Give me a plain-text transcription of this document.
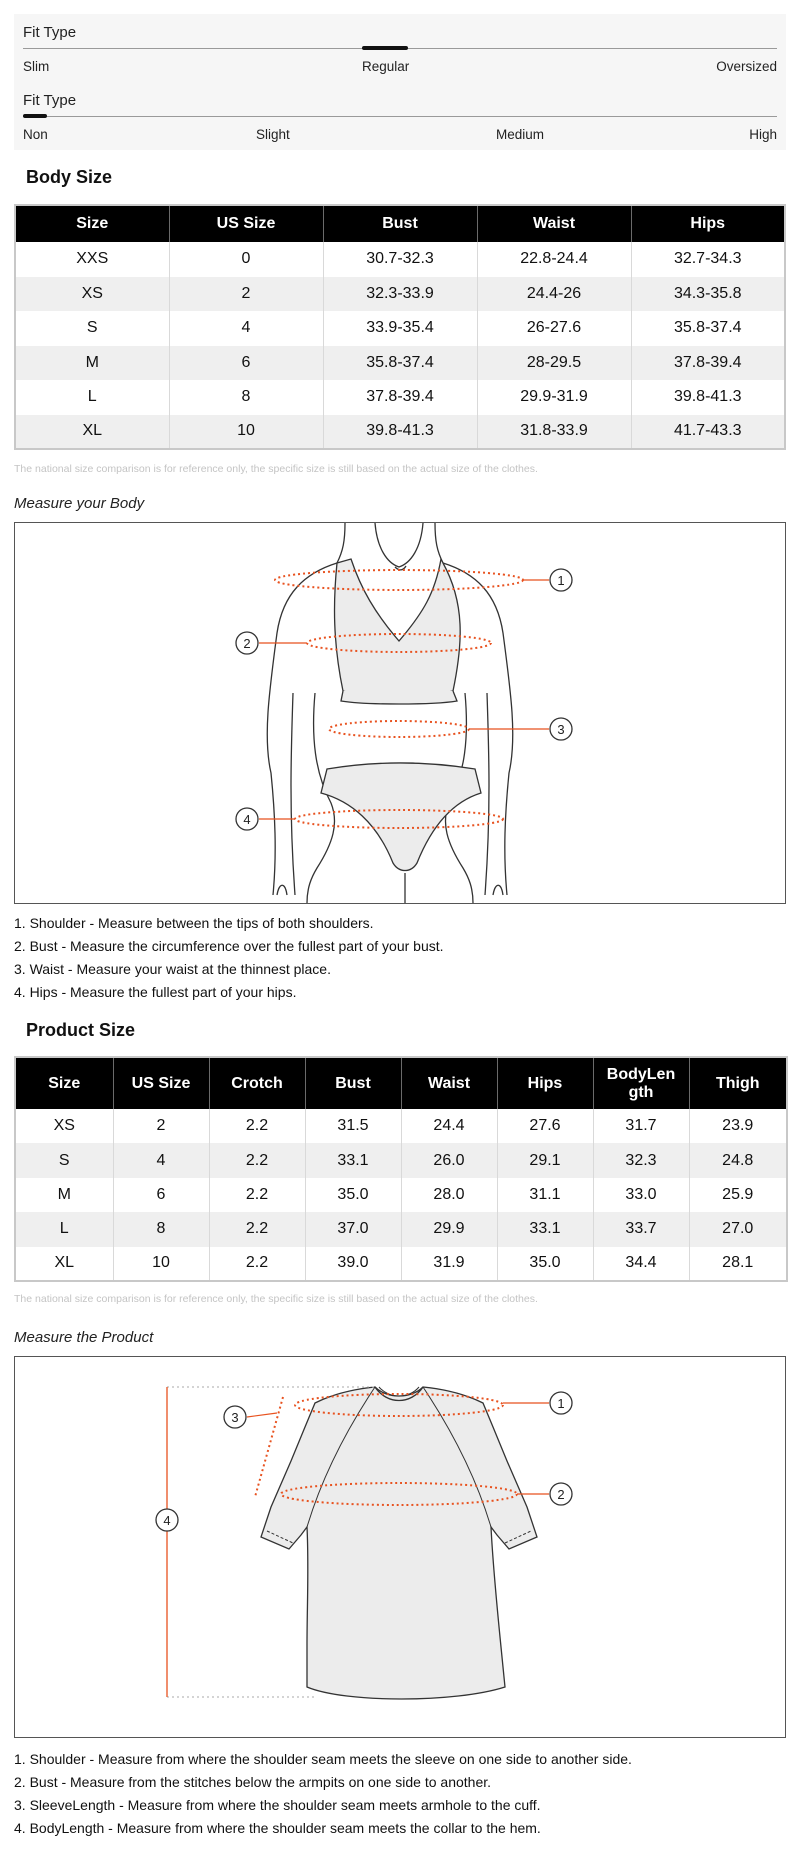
Fit Type
Slim	Regular	Oversized
Fit Type
Non	Slight	Medium	High
Body Size
Size	US Size	Bust	Waist	Hips
XXS	0	30.7-32.3	22.8-24.4	32.7-34.3
XS	2	32.3-33.9	24.4-26	34.3-35.8
S	4	33.9-35.4	26-27.6	35.8-37.4
M	6	35.8-37.4	28-29.5	37.8-39.4
L	8	37.8-39.4	29.9-31.9	39.8-41.3
XL	10	39.8-41.3	31.8-33.9	41.7-43.3
The national size comparison is for reference only, the specific size is still based on the actual size of the clothes.
Measure your Body
1
2
3
4
1. Shoulder - Measure between the tips of both shoulders.
2. Bust - Measure the circumference over the fullest part of your bust.
3. Waist - Measure your waist at the thinnest place.
4. Hips - Measure the fullest part of your hips.
Product Size
Size	US Size	Crotch	Bust	Waist	Hips	BodyLen gth	Thigh
XS	2	2.2	31.5	24.4	27.6	31.7	23.9
S	4	2.2	33.1	26.0	29.1	32.3	24.8
M	6	2.2	35.0	28.0	31.1	33.0	25.9
L	8	2.2	37.0	29.9	33.1	33.7	27.0
XL	10	2.2	39.0	31.9	35.0	34.4	28.1
The national size comparison is for reference only, the specific size is still based on the actual size of the clothes.
Measure the Product
1
2
3
4
1. Shoulder - Measure from where the shoulder seam meets the sleeve on one side to another side.
2. Bust - Measure from the stitches below the armpits on one side to another.
3. SleeveLength - Measure from where the shoulder seam meets armhole to the cuff.
4. BodyLength - Measure from where the shoulder seam meets the collar to the hem.
